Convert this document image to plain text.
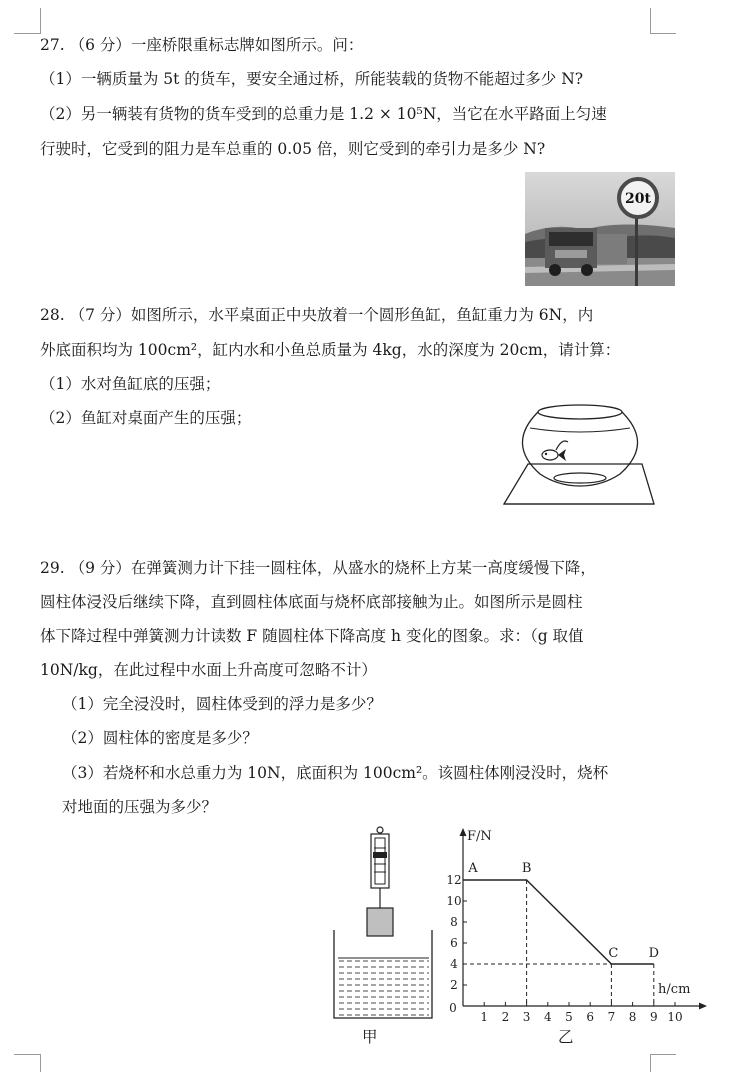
27. （6 分）一座桥限重标志牌如图所示。问：
（1）一辆质量为 5t 的货车，要安全通过桥，所能装载的货物不能超过多少 N?
（2）另一辆装有货物的货车受到的总重力是 1.2 × 10⁵N，当它在水平路面上匀速
行驶时，它受到的阻力是车总重的 0.05 倍，则它受到的牵引力是多少 N?
20t
28. （7 分）如图所示，水平桌面正中央放着一个圆形鱼缸，鱼缸重力为 6N，内
外底面积均为 100cm²，缸内水和小鱼总质量为 4kg，水的深度为 20cm，请计算：
（1）水对鱼缸底的压强；
（2）鱼缸对桌面产生的压强；
29. （9 分）在弹簧测力计下挂一圆柱体，从盛水的烧杯上方某一高度缓慢下降，
圆柱体浸没后继续下降，直到圆柱体底面与烧杯底部接触为止。如图所示是圆柱
体下降过程中弹簧测力计读数 F 随圆柱体下降高度 h 变化的图象。求：（g 取值
10N/kg，在此过程中水面上升高度可忽略不计）
（1）完全浸没时，圆柱体受到的浮力是多少？
（2）圆柱体的密度是多少？
（3）若烧杯和水总重力为 10N，底面积为 100cm²。该圆柱体刚浸没时，烧杯
对地面的压强为多少？
甲
F/N
h/cm
0
1 2 3 4 5 6 7 8 9 10
2
4
6
8
10
12
A	B
C D
乙
